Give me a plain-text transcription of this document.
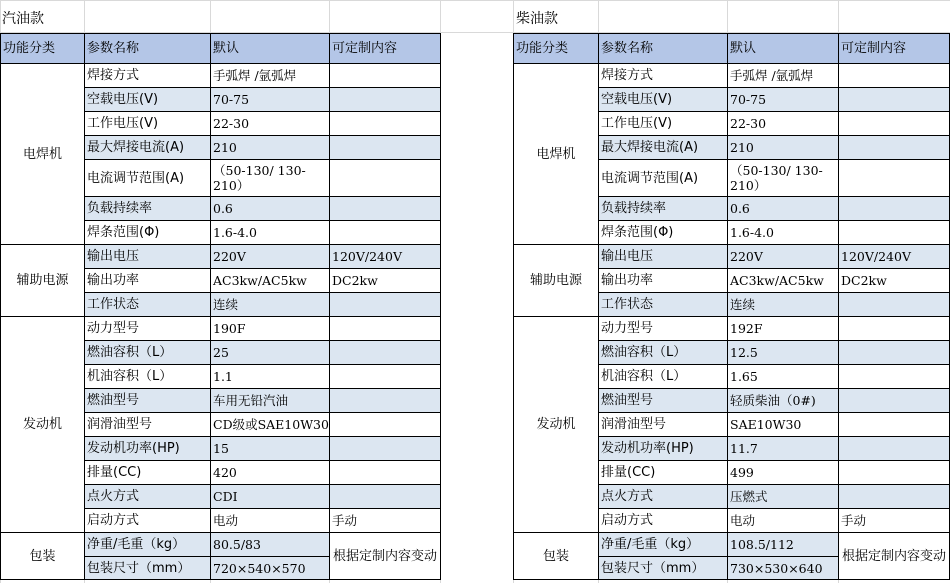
汽油款	柴油款
功能分类	参数名称	默认	可定制内容
电焊机	焊接方式	手弧焊 /氩弧焊	
	空载电压(V)	70-75	
	工作电压(V)	22-30	
	最大焊接电流(A)	210	
	电流调节范围(A)	（50-130/ 130-210）	
	负载持续率	0.6	
	焊条范围(Φ)	1.6-4.0	
辅助电源	输出电压	220V	120V/240V
	输出功率	AC3kw/AC5kw	DC2kw
	工作状态	连续	
发动机	动力型号	190F	
	燃油容积（L）	25	
	机油容积（L）	1.1	
	燃油型号	车用无铅汽油	
	润滑油型号	CD级或SAE10W30	
	发动机功率(HP)	15	
	排量(CC)	420	
	点火方式	CDI	
	启动方式	电动	手动
包装	净重/毛重（kg）	80.5/83	根据定制内容变动
	包装尺寸（mm）	720×540×570	
功能分类	参数名称	默认	可定制内容
电焊机	焊接方式	手弧焊 /氩弧焊	
	空载电压(V)	70-75	
	工作电压(V)	22-30	
	最大焊接电流(A)	210	
	电流调节范围(A)	（50-130/ 130-210）	
	负载持续率	0.6	
	焊条范围(Φ)	1.6-4.0	
辅助电源	输出电压	220V	120V/240V
	输出功率	AC3kw/AC5kw	DC2kw
	工作状态	连续	
发动机	动力型号	192F	
	燃油容积（L）	12.5	
	机油容积（L）	1.65	
	燃油型号	轻质柴油（0#)	
	润滑油型号	SAE10W30	
	发动机功率(HP)	11.7	
	排量(CC)	499	
	点火方式	压燃式	
	启动方式	电动	手动
包装	净重/毛重（kg）	108.5/112	根据定制内容变动
	包装尺寸（mm）	730×530×640	
